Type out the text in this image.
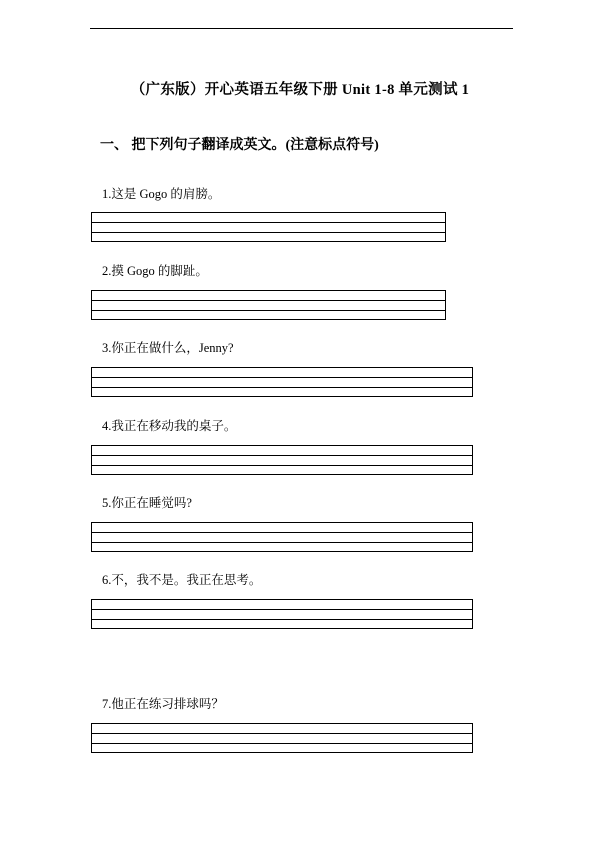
（广东版）开心英语五年级下册 Unit 1-8 单元测试 1
一、 把下列句子翻译成英文。(注意标点符号)
1.这是 Gogo 的肩膀。
2.摸 Gogo 的脚趾。
3.你正在做什么，Jenny?
4.我正在移动我的桌子。
5.你正在睡觉吗?
6.不，我不是。我正在思考。
7.他正在练习排球吗？
